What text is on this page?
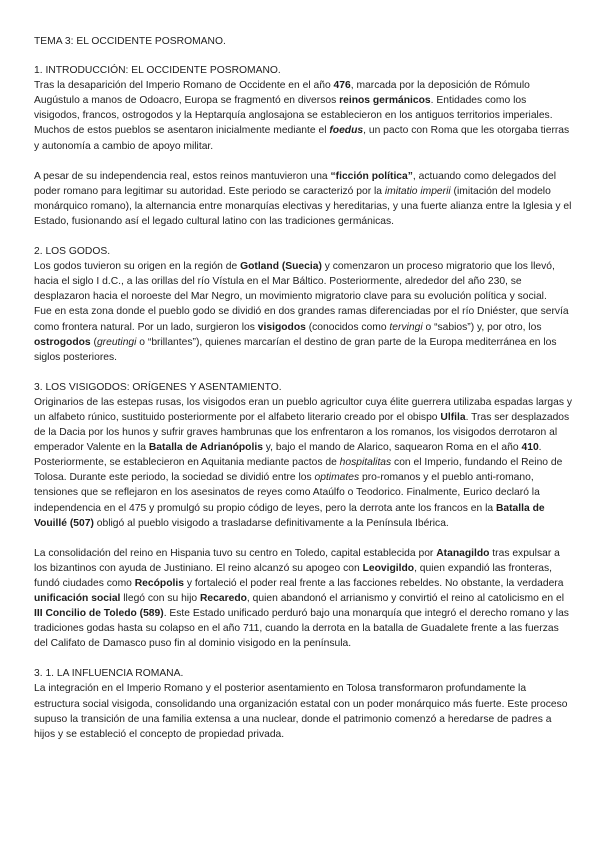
TEMA 3: EL OCCIDENTE POSROMANO.
1. INTRODUCCIÓN: EL OCCIDENTE POSROMANO.

Tras la desaparición del Imperio Romano de Occidente en el año 476, marcada por la deposición de Rómulo Augústulo a manos de Odoacro, Europa se fragmentó en diversos reinos germánicos. Entidades como los visigodos, francos, ostrogodos y la Heptarquía anglosajona se establecieron en los antiguos territorios imperiales. Muchos de estos pueblos se asentaron inicialmente mediante el foedus, un pacto con Roma que les otorgaba tierras y autonomía a cambio de apoyo militar.

A pesar de su independencia real, estos reinos mantuvieron una “ficción política”, actuando como delegados del poder romano para legitimar su autoridad. Este periodo se caracterizó por la imitatio imperii (imitación del modelo monárquico romano), la alternancia entre monarquías electivas y hereditarias, y una fuerte alianza entre la Iglesia y el Estado, fusionando así el legado cultural latino con las tradiciones germánicas.

2. LOS GODOS.

Los godos tuvieron su origen en la región de Gotland (Suecia) y comenzaron un proceso migratorio que los llevó, hacia el siglo I d.C., a las orillas del río Vístula en el Mar Báltico. Posteriormente, alrededor del año 230, se desplazaron hacia el noroeste del Mar Negro, un movimiento migratorio clave para su evolución política y social.

Fue en esta zona donde el pueblo godo se dividió en dos grandes ramas diferenciadas por el río Dniéster, que servía como frontera natural. Por un lado, surgieron los visigodos (conocidos como tervingi o “sabios”) y, por otro, los ostrogodos (greutingi o “brillantes”), quienes marcarían el destino de gran parte de la Europa mediterránea en los siglos posteriores.

3. LOS VISIGODOS: ORÍGENES Y ASENTAMIENTO.

Originarios de las estepas rusas, los visigodos eran un pueblo agricultor cuya élite guerrera utilizaba espadas largas y un alfabeto rúnico, sustituido posteriormente por el alfabeto literario creado por el obispo Ulfila. Tras ser desplazados de la Dacia por los hunos y sufrir graves hambrunas que los enfrentaron a los romanos, los visigodos derrotaron al emperador Valente en la Batalla de Adrianópolis y, bajo el mando de Alarico, saquearon Roma en el año 410. Posteriormente, se establecieron en Aquitania mediante pactos de hospitalitas con el Imperio, fundando el Reino de Tolosa. Durante este periodo, la sociedad se dividió entre los optimates pro-romanos y el pueblo anti-romano, tensiones que se reflejaron en los asesinatos de reyes como Ataúlfo o Teodorico. Finalmente, Eurico declaró la independencia en el 475 y promulgó su propio código de leyes, pero la derrota ante los francos en la Batalla de Vouillé (507) obligó al pueblo visigodo a trasladarse definitivamente a la Península Ibérica.

La consolidación del reino en Hispania tuvo su centro en Toledo, capital establecida por Atanagildo tras expulsar a los bizantinos con ayuda de Justiniano. El reino alcanzó su apogeo con Leovigildo, quien expandió las fronteras, fundó ciudades como Recópolis y fortaleció el poder real frente a las facciones rebeldes. No obstante, la verdadera unificación social llegó con su hijo Recaredo, quien abandonó el arrianismo y convirtió el reino al catolicismo en el III Concilio de Toledo (589). Este Estado unificado perduró bajo una monarquía que integró el derecho romano y las tradiciones godas hasta su colapso en el año 711, cuando la derrota en la batalla de Guadalete frente a las fuerzas del Califato de Damasco puso fin al dominio visigodo en la península.

3. 1. LA INFLUENCIA ROMANA.

La integración en el Imperio Romano y el posterior asentamiento en Tolosa transformaron profundamente la estructura social visigoda, consolidando una organización estatal con un poder monárquico más fuerte. Este proceso supuso la transición de una familia extensa a una nuclear, donde el patrimonio comenzó a heredarse de padres a hijos y se estableció el concepto de propiedad privada.
